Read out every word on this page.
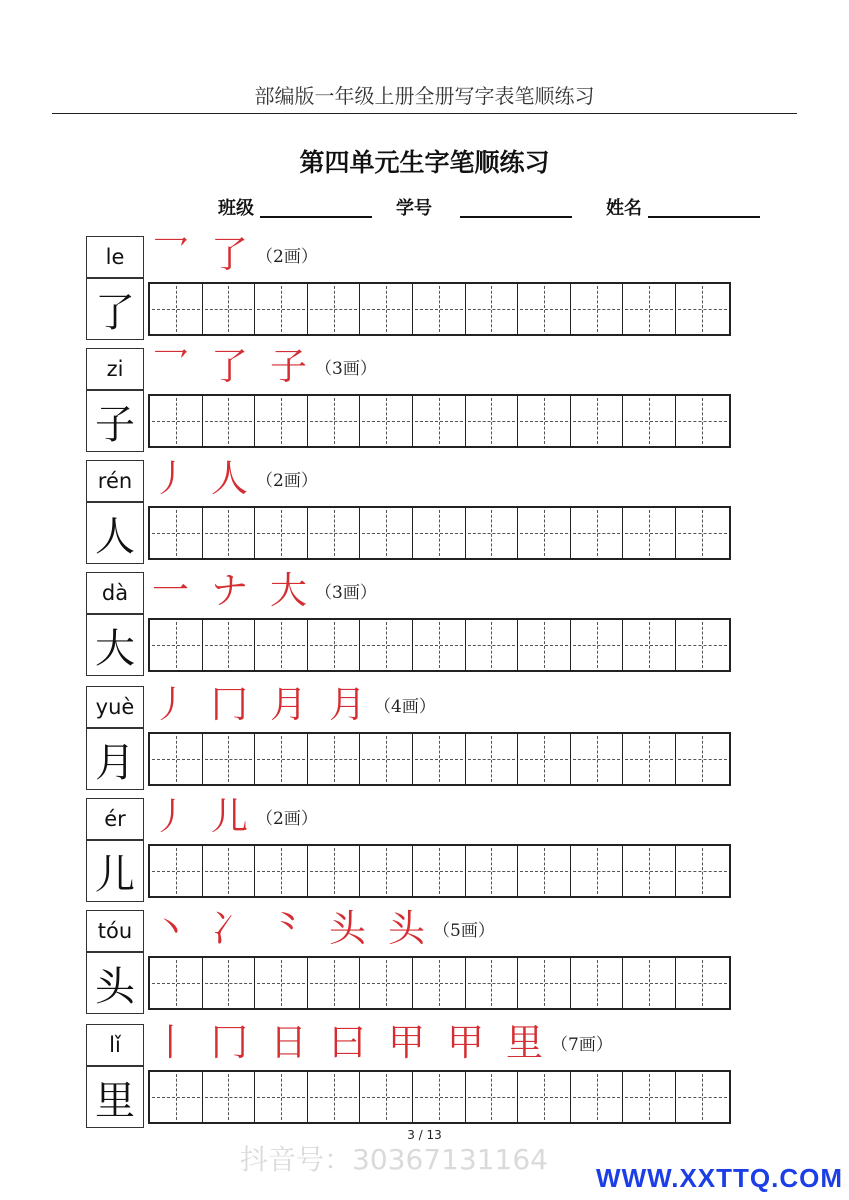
部编版一年级上册全册写字表笔顺练习
第四单元生字笔顺练习
班级	学号	姓名
le
了
乛 了 （2画）
zi
子
乛 了 子 （3画）
rén
人
丿 人 （2画）
dà
大
一 ナ 大 （3画）
yuè
月
丿 冂 月 月 （4画）
ér
儿
丿 儿 （2画）
tóu
头
丶 冫 ⺀ 头 头 （5画）
lǐ
里
丨 冂 日 曰 甲 甲 里 （7画）
3 / 13
抖音号：30367131164
WWW.XXTTQ.COM
